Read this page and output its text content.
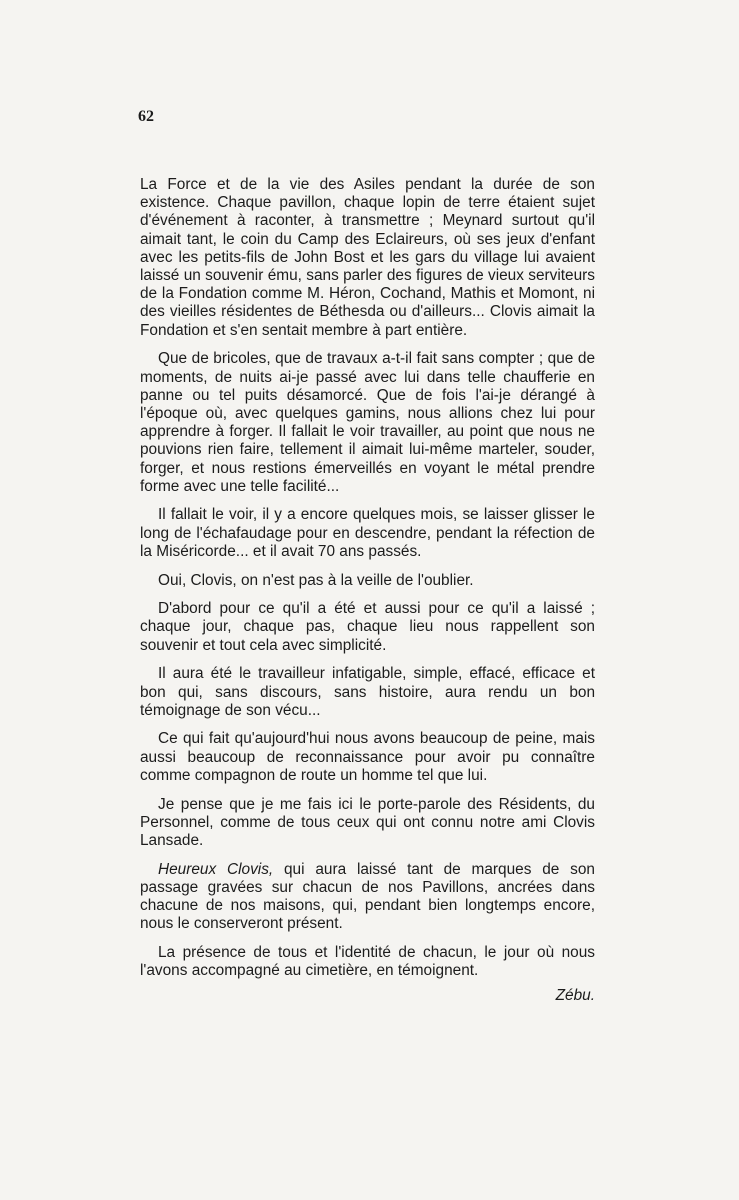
62

La Force et de la vie des Asiles pendant la durée de son existence. Chaque pavillon, chaque lopin de terre étaient sujet d'événement à raconter, à transmettre ; Meynard surtout qu'il aimait tant, le coin du Camp des Eclaireurs, où ses jeux d'enfant avec les petits-fils de John Bost et les gars du village lui avaient laissé un souvenir ému, sans parler des figures de vieux serviteurs de la Fondation comme M. Héron, Cochand, Mathis et Momont, ni des vieilles résidentes de Béthesda ou d'ailleurs... Clovis aimait la Fondation et s'en sentait membre à part entière.

Que de bricoles, que de travaux a-t-il fait sans compter ; que de moments, de nuits ai-je passé avec lui dans telle chaufferie en panne ou tel puits désamorcé. Que de fois l'ai-je dérangé à l'époque où, avec quelques gamins, nous allions chez lui pour apprendre à forger. Il fallait le voir travailler, au point que nous ne pouvions rien faire, tellement il aimait lui-même marteler, souder, forger, et nous restions émerveillés en voyant le métal prendre forme avec une telle facilité...

Il fallait le voir, il y a encore quelques mois, se laisser glisser le long de l'échafaudage pour en descendre, pendant la réfection de la Miséricorde... et il avait 70 ans passés.

Oui, Clovis, on n'est pas à la veille de l'oublier.

D'abord pour ce qu'il a été et aussi pour ce qu'il a laissé ; chaque jour, chaque pas, chaque lieu nous rappellent son souvenir et tout cela avec simplicité.

Il aura été le travailleur infatigable, simple, effacé, efficace et bon qui, sans discours, sans histoire, aura rendu un bon témoignage de son vécu...

Ce qui fait qu'aujourd'hui nous avons beaucoup de peine, mais aussi beaucoup de reconnaissance pour avoir pu connaître comme compagnon de route un homme tel que lui.

Je pense que je me fais ici le porte-parole des Résidents, du Personnel, comme de tous ceux qui ont connu notre ami Clovis Lansade.

Heureux Clovis, qui aura laissé tant de marques de son passage gravées sur chacun de nos Pavillons, ancrées dans chacune de nos maisons, qui, pendant bien longtemps encore, nous le conserveront présent.

La présence de tous et l'identité de chacun, le jour où nous l'avons accompagné au cimetière, en témoignent.

Zébu.
